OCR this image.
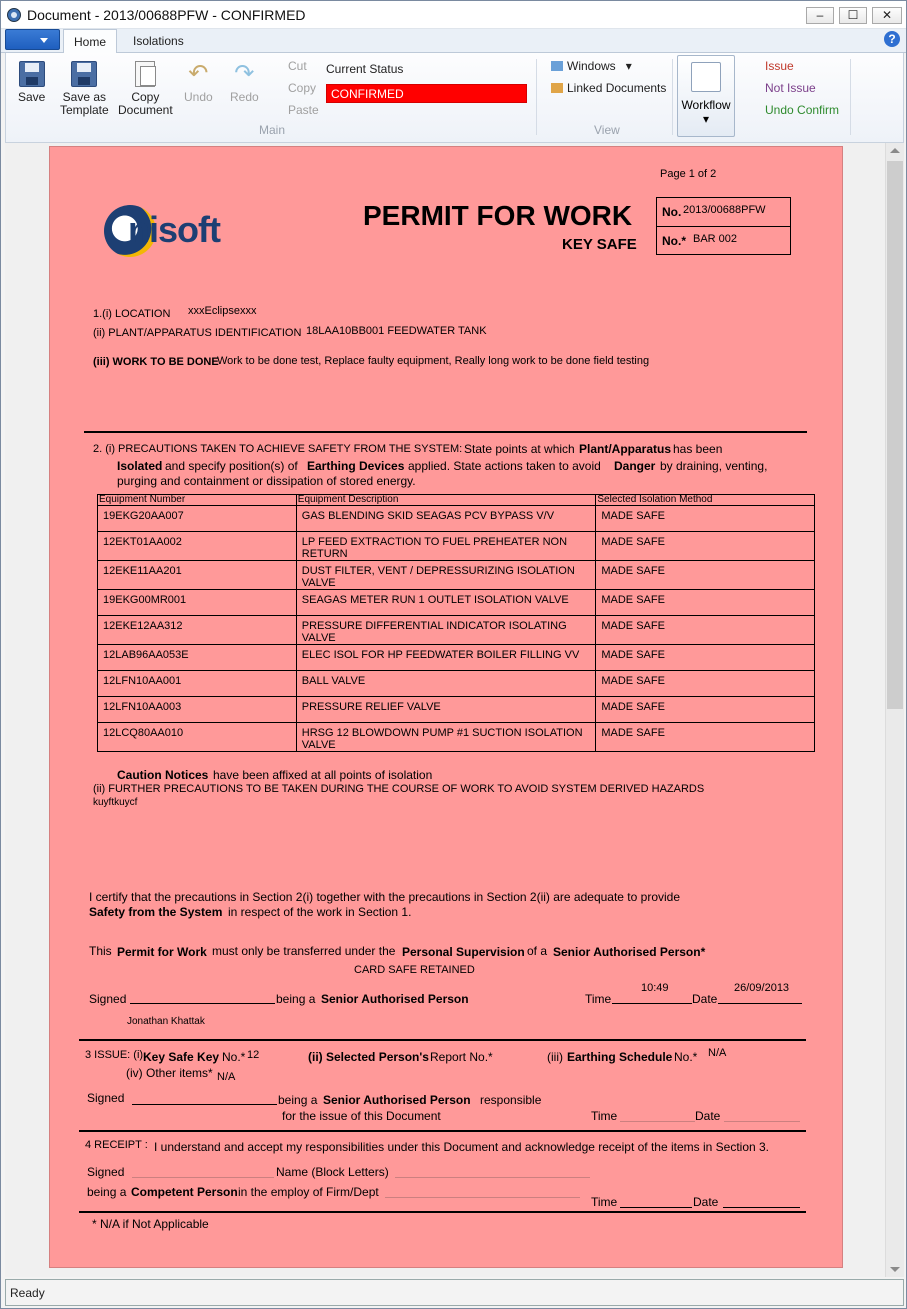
Document - 2013/00688PFW - CONFIRMED	–	☐	✕
Home	Isolations	?
Save Save as
Template
Copy
Document
↶
Undo
↷
Redo
Cut
Copy
Paste
Current Status
CONFIRMED
Main
Windows ▾
Linked Documents
View
Workflow
▾
Issue
Not Issue
Undo Confirm
Page 1 of 2
nisoft	PERMIT FOR WORK
KEY SAFE
No. 2013/00688PFW
No.* BAR 002
1.(i) LOCATION xxxEclipsexxx
(ii) PLANT/APPARATUS IDENTIFICATION 18LAA10BB001 FEEDWATER TANK
(iii) WORK TO BE DONE
Work to be done test, Replace faulty equipment, Really long work to be done field testing
2. (i) PRECAUTIONS TAKEN TO ACHIEVE SAFETY FROM THE SYSTEM: State points at which Plant/Apparatus has been
Isolated and specify position(s) of Earthing Devices applied. State actions taken to avoid Danger by draining, venting,
purging and containment or dissipation of stored energy.
Equipment Number	Equipment Description	Selected Isolation Method
19EKG20AA007	GAS BLENDING SKID SEAGAS PCV BYPASS V/V	MADE SAFE
12EKT01AA002	LP FEED EXTRACTION TO FUEL PREHEATER NON RETURN	MADE SAFE
12EKE11AA201	DUST FILTER, VENT / DEPRESSURIZING ISOLATION VALVE	MADE SAFE
19EKG00MR001	SEAGAS METER RUN 1 OUTLET ISOLATION VALVE	MADE SAFE
12EKE12AA312	PRESSURE DIFFERENTIAL INDICATOR ISOLATING VALVE	MADE SAFE
12LAB96AA053E	ELEC ISOL FOR HP FEEDWATER BOILER FILLING VV	MADE SAFE
12LFN10AA001	BALL VALVE	MADE SAFE
12LFN10AA003	PRESSURE RELIEF VALVE	MADE SAFE
12LCQ80AA010	HRSG 12 BLOWDOWN PUMP #1 SUCTION ISOLATION VALVE	MADE SAFE
Caution Notices have been affixed at all points of isolation
(ii) FURTHER PRECAUTIONS TO BE TAKEN DURING THE COURSE OF WORK TO AVOID SYSTEM DERIVED HAZARDS
kuyftkuycf
I certify that the precautions in Section 2(i) together with the precautions in Section 2(ii) are adequate to provide
Safety from the System in respect of the work in Section 1.
This Permit for Work must only be transferred under the Personal Supervision of a Senior Authorised Person*
CARD SAFE RETAINED
Signed	being a Senior Authorised Person	Time
10:49
Date
26/09/2013
Jonathan Khattak
3 ISSUE: (i) Key Safe Key No.* 12	(ii) Selected Person's Report No.*	(iii) Earthing Schedule No.* N/A
(iv) Other items* N/A
Signed	being a Senior Authorised Person responsible
for the issue of this Document	Time	Date
4 RECEIPT : I understand and accept my responsibilities under this Document and acknowledge receipt of the items in Section 3.
Signed	Name (Block Letters)
being a Competent Person in the employ of Firm/Dept
Time	Date
* N/A if Not Applicable
Ready
